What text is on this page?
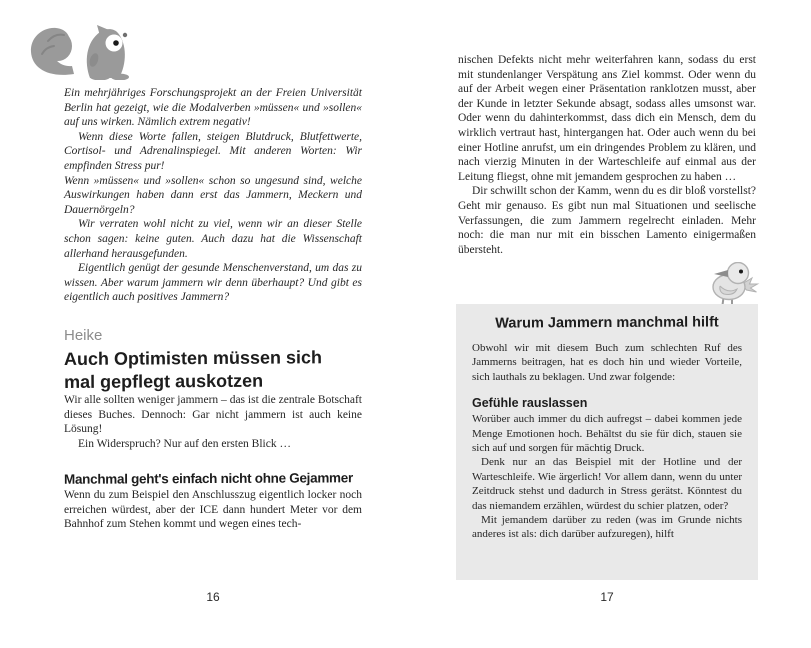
Ein mehrjähriges Forschungsprojekt an der Freien Universität Berlin hat gezeigt, wie die Modalverben »müssen« und »sollen« auf uns wirken. Nämlich extrem negativ!

Wenn diese Worte fallen, steigen Blutdruck, Blutfettwerte, Cortisol- und Adrenalinspiegel. Mit anderen Worten: Wir empfinden Stress pur!

Wenn »müssen« und »sollen« schon so ungesund sind, welche Auswirkungen haben dann erst das Jammern, Meckern und Dauernörgeln?

Wir verraten wohl nicht zu viel, wenn wir an dieser Stelle schon sagen: keine guten. Auch dazu hat die Wissenschaft allerhand herausgefunden.

Eigentlich genügt der gesunde Menschenverstand, um das zu wissen. Aber warum jammern wir denn überhaupt? Und gibt es eigentlich auch positives Jammern?

Heike
Auch Optimisten müssen sich
mal gepflegt auskotzen

Wir alle sollten weniger jammern – das ist die zentrale Botschaft dieses Buches. Dennoch: Gar nicht jammern ist auch keine Lösung!

Ein Widerspruch? Nur auf den ersten Blick …

Manchmal geht's einfach nicht ohne Gejammer

Wenn du zum Beispiel den Anschlusszug eigentlich locker noch erreichen würdest, aber der ICE dann hundert Meter vor dem Bahnhof zum Stehen kommt und wegen eines tech-

16

nischen Defekts nicht mehr weiterfahren kann, sodass du erst mit stundenlanger Verspätung ans Ziel kommst. Oder wenn du auf der Arbeit wegen einer Präsentation ranklotzen musst, aber der Kunde in letzter Sekunde absagt, sodass alles umsonst war. Oder wenn du dahinterkommst, dass dich ein Mensch, dem du wirklich vertraut hast, hintergangen hat. Oder auch wenn du bei einer Hotline anrufst, um ein dringendes Problem zu klären, und nach vierzig Minuten in der Warteschleife auf einmal aus der Leitung fliegst, ohne mit jemandem gesprochen zu haben …

Dir schwillt schon der Kamm, wenn du es dir bloß vorstellst? Geht mir genauso. Es gibt nun mal Situationen und seelische Verfassungen, die zum Jammern regelrecht einladen. Mehr noch: die man nur mit ein bisschen Lamento einigermaßen übersteht.

Warum Jammern manchmal hilft

Obwohl wir mit diesem Buch zum schlechten Ruf des Jammerns beitragen, hat es doch hin und wieder Vorteile, sich lauthals zu beklagen. Und zwar folgende:

Gefühle rauslassen

Worüber auch immer du dich aufregst – dabei kommen jede Menge Emotionen hoch. Behältst du sie für dich, stauen sie sich auf und sorgen für mächtig Druck.

Denk nur an das Beispiel mit der Hotline und der Warteschleife. Wie ärgerlich! Vor allem dann, wenn du unter Zeitdruck stehst und dadurch in Stress gerätst. Könntest du das niemandem erzählen, würdest du schier platzen, oder?

Mit jemandem darüber zu reden (was im Grunde nichts anderes ist als: dich darüber aufzuregen), hilft

17
